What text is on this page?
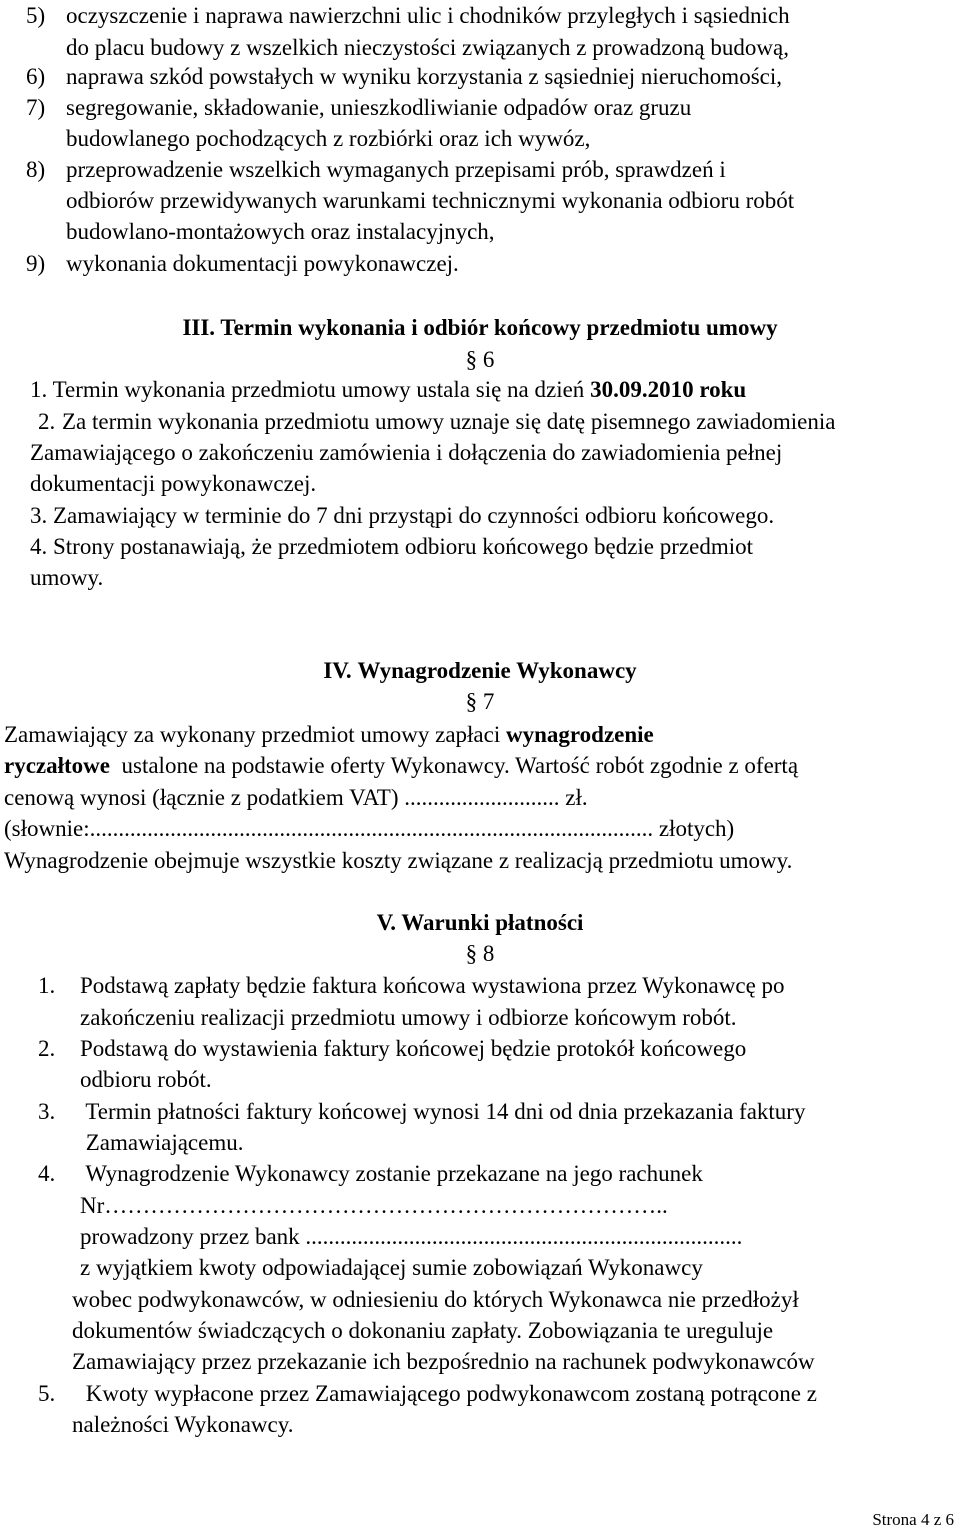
5) oczyszczenie i naprawa nawierzchni ulic i chodników przyległych i sąsiednich
do placu budowy z wszelkich nieczystości związanych z prowadzoną budową,
6) naprawa szkód powstałych w wyniku korzystania z sąsiedniej nieruchomości,
7) segregowanie, składowanie, unieszkodliwianie odpadów oraz gruzu
budowlanego pochodzących z rozbiórki oraz ich wywóz,
8) przeprowadzenie wszelkich wymaganych przepisami prób, sprawdzeń i
odbiorów przewidywanych warunkami technicznymi wykonania odbioru robót
budowlano-montażowych oraz instalacyjnych,
9) wykonania dokumentacji powykonawczej.
III. Termin wykonania i odbiór końcowy przedmiotu umowy
§ 6
1. Termin wykonania przedmiotu umowy ustala się na dzień 30.09.2010 roku
2. Za termin wykonania przedmiotu umowy uznaje się datę pisemnego zawiadomienia
Zamawiającego o zakończeniu zamówienia i dołączenia do zawiadomienia pełnej
dokumentacji powykonawczej.
3. Zamawiający w terminie do 7 dni przystąpi do czynności odbioru końcowego.
4. Strony postanawiają, że przedmiotem odbioru końcowego będzie przedmiot
umowy.
IV. Wynagrodzenie Wykonawcy
§ 7
Zamawiający za wykonany przedmiot umowy zapłaci wynagrodzenie
ryczałtowe  ustalone na podstawie oferty Wykonawcy. Wartość robót zgodnie z ofertą
cenową wynosi (łącznie z podatkiem VAT) ........................... zł.
(słownie:.................................................................................................. złotych)
Wynagrodzenie obejmuje wszystkie koszty związane z realizacją przedmiotu umowy.
V. Warunki płatności
§ 8
1. Podstawą zapłaty będzie faktura końcowa wystawiona przez Wykonawcę po
zakończeniu realizacji przedmiotu umowy i odbiorze końcowym robót.
2. Podstawą do wystawienia faktury końcowej będzie protokół końcowego
odbioru robót.
3. Termin płatności faktury końcowej wynosi 14 dni od dnia przekazania faktury
Zamawiającemu.
4. Wynagrodzenie Wykonawcy zostanie przekazane na jego rachunek
Nr………………………………………………………………..
prowadzony przez bank ............................................................................
z wyjątkiem kwoty odpowiadającej sumie zobowiązań Wykonawcy
wobec podwykonawców, w odniesieniu do których Wykonawca nie przedłożył
dokumentów świadczących o dokonaniu zapłaty. Zobowiązania te ureguluje
Zamawiający przez przekazanie ich bezpośrednio na rachunek podwykonawców
5. Kwoty wypłacone przez Zamawiającego podwykonawcom zostaną potrącone z
należności Wykonawcy.
Strona 4 z 6
